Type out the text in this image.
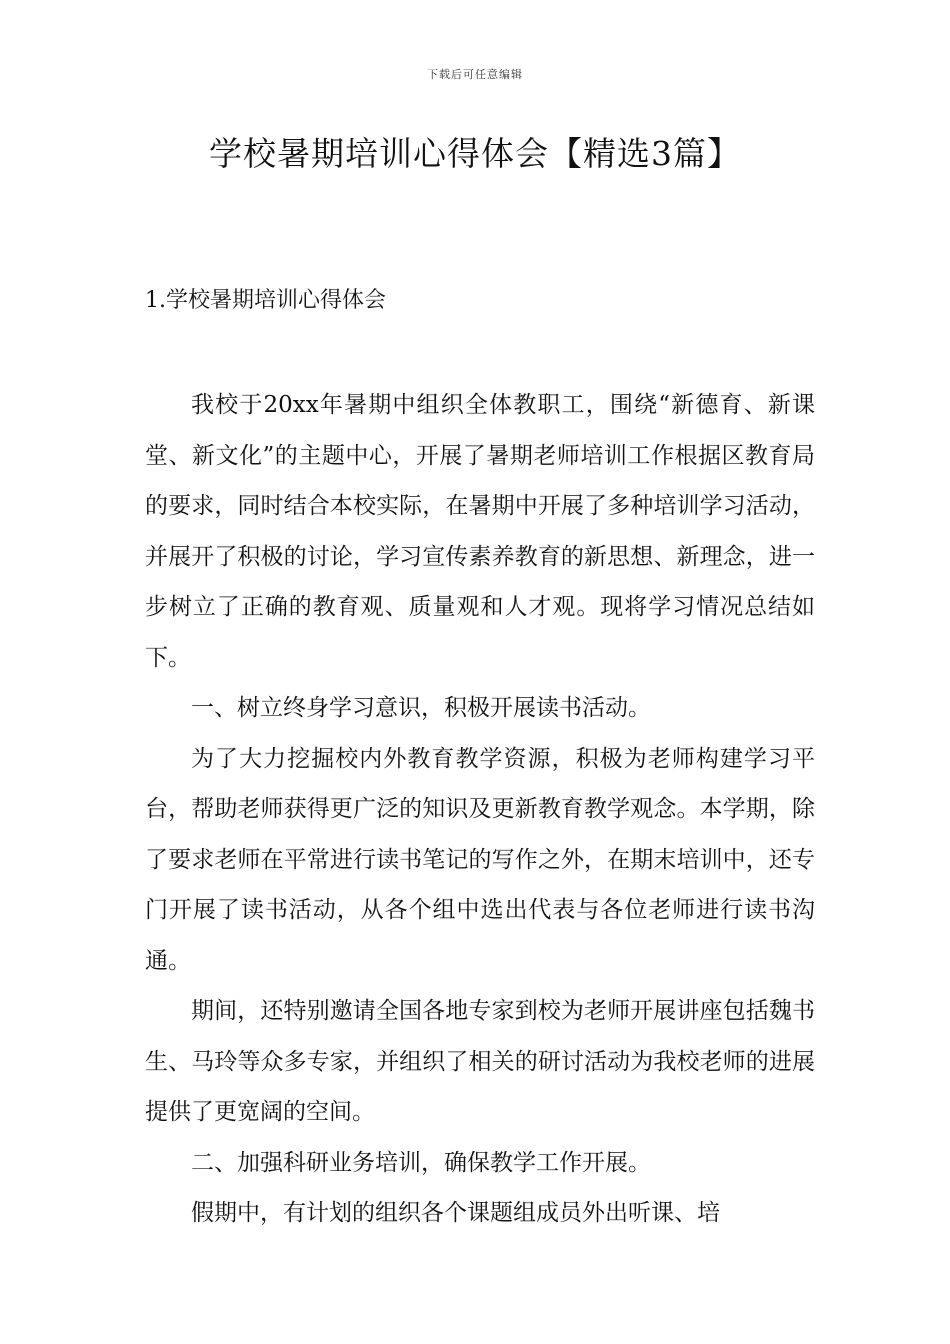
下载后可任意编辑
学校暑期培训心得体会【精选3篇】
1.学校暑期培训心得体会

我校于20xx年暑期中组织全体教职工，围绕“新德育、新课堂、新文化”的主题中心，开展了暑期老师培训工作根据区教育局的要求，同时结合本校实际，在暑期中开展了多种培训学习活动，并展开了积极的讨论，学习宣传素养教育的新思想、新理念，进一步树立了正确的教育观、质量观和人才观。现将学习情况总结如下。

一、树立终身学习意识，积极开展读书活动。

为了大力挖掘校内外教育教学资源，积极为老师构建学习平台，帮助老师获得更广泛的知识及更新教育教学观念。本学期，除了要求老师在平常进行读书笔记的写作之外，在期末培训中，还专门开展了读书活动，从各个组中选出代表与各位老师进行读书沟通。

期间，还特别邀请全国各地专家到校为老师开展讲座包括魏书生、马玲等众多专家，并组织了相关的研讨活动为我校老师的进展提供了更宽阔的空间。

二、加强科研业务培训，确保教学工作开展。

假期中，有计划的组织各个课题组成员外出听课、培
